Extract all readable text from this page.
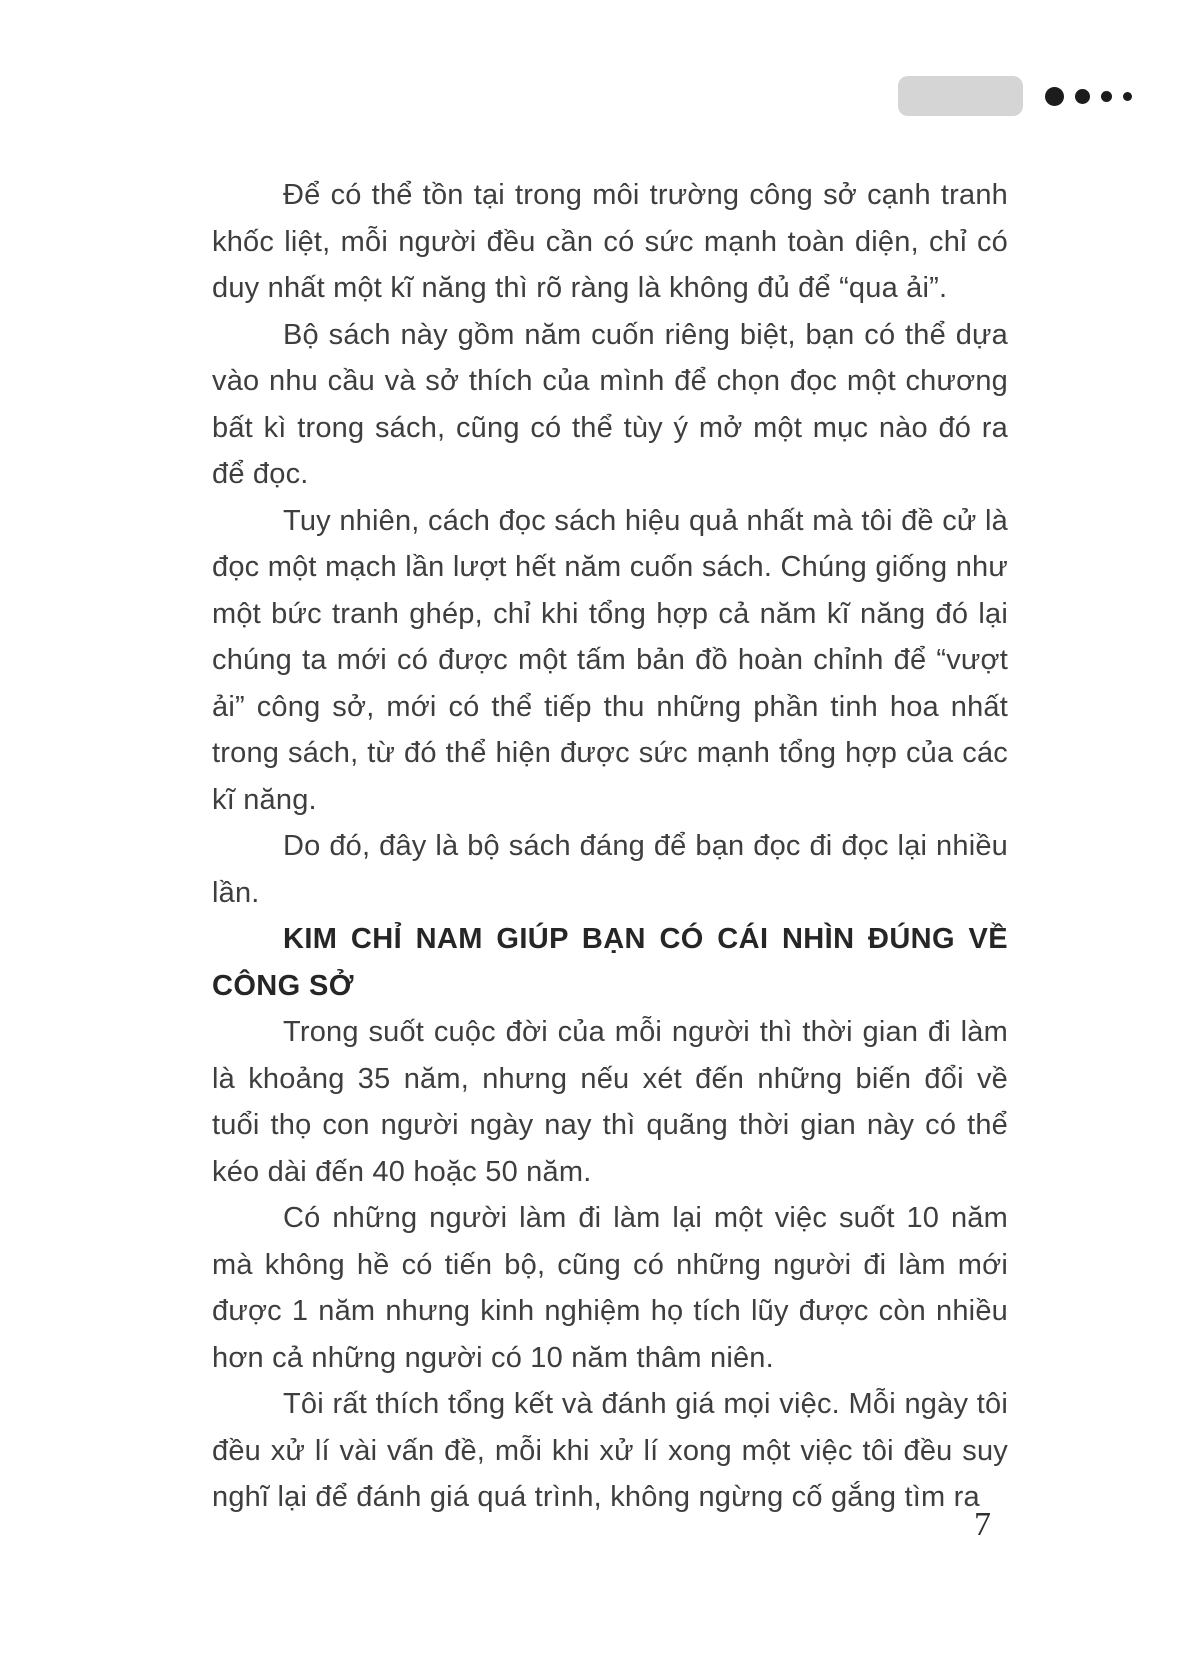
Để có thể tồn tại trong môi trường công sở cạnh tranh khốc liệt, mỗi người đều cần có sức mạnh toàn diện, chỉ có duy nhất một kĩ năng thì rõ ràng là không đủ để “qua ải”.

Bộ sách này gồm năm cuốn riêng biệt, bạn có thể dựa vào nhu cầu và sở thích của mình để chọn đọc một chương bất kì trong sách, cũng có thể tùy ý mở một mục nào đó ra để đọc.

Tuy nhiên, cách đọc sách hiệu quả nhất mà tôi đề cử là đọc một mạch lần lượt hết năm cuốn sách. Chúng giống như một bức tranh ghép, chỉ khi tổng hợp cả năm kĩ năng đó lại chúng ta mới có được một tấm bản đồ hoàn chỉnh để “vượt ải” công sở, mới có thể tiếp thu những phần tinh hoa nhất trong sách, từ đó thể hiện được sức mạnh tổng hợp của các kĩ năng.

Do đó, đây là bộ sách đáng để bạn đọc đi đọc lại nhiều lần.

KIM CHỈ NAM GIÚP BẠN CÓ CÁI NHÌN ĐÚNG VỀ
CÔNG SỞ

Trong suốt cuộc đời của mỗi người thì thời gian đi làm là khoảng 35 năm, nhưng nếu xét đến những biến đổi về tuổi thọ con người ngày nay thì quãng thời gian này có thể kéo dài đến 40 hoặc 50 năm.

Có những người làm đi làm lại một việc suốt 10 năm mà không hề có tiến bộ, cũng có những người đi làm mới được 1 năm nhưng kinh nghiệm họ tích lũy được còn nhiều hơn cả những người có 10 năm thâm niên.

Tôi rất thích tổng kết và đánh giá mọi việc. Mỗi ngày tôi đều xử lí vài vấn đề, mỗi khi xử lí xong một việc tôi đều suy nghĩ lại để đánh giá quá trình, không ngừng cố gắng tìm ra

7
